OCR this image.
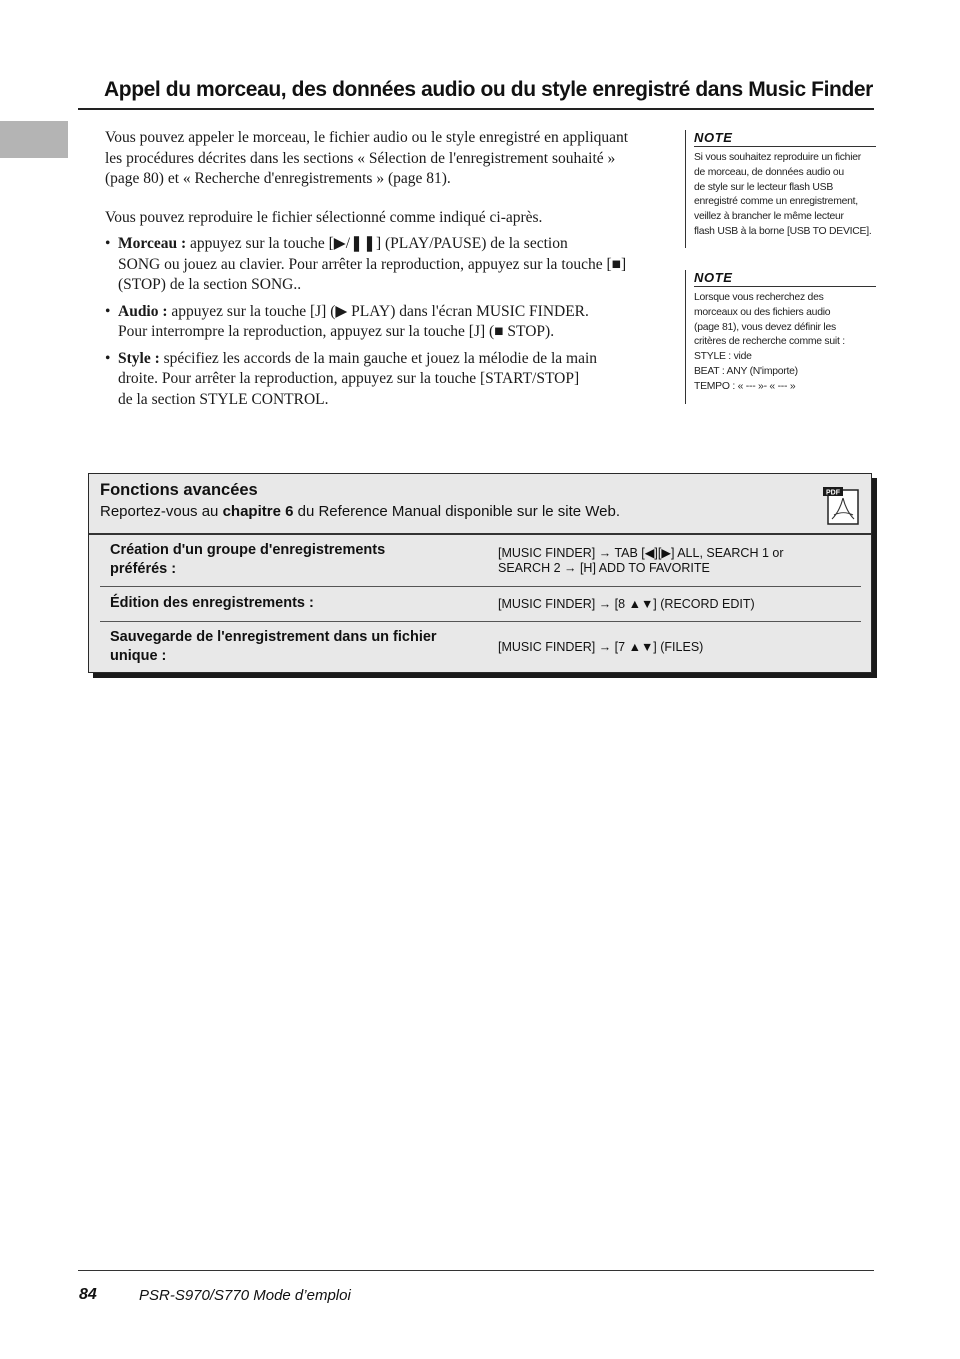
Appel du morceau, des données audio ou du style enregistré dans Music Finder

Vous pouvez appeler le morceau, le fichier audio ou le style enregistré en appliquant
les procédures décrites dans les sections « Sélection de l'enregistrement souhaité »
(page 80) et « Recherche d'enregistrements » (page 81).

Vous pouvez reproduire le fichier sélectionné comme indiqué ci-après.
• Morceau : appuyez sur la touche [▶/❚❚] (PLAY/PAUSE) de la section
SONG ou jouez au clavier. Pour arrêter la reproduction, appuyez sur la touche [■]
(STOP) de la section SONG..
• Audio : appuyez sur la touche [J] (▶ PLAY) dans l'écran MUSIC FINDER.
Pour interrompre la reproduction, appuyez sur la touche [J] (■ STOP).
• Style : spécifiez les accords de la main gauche et jouez la mélodie de la main
droite. Pour arrêter la reproduction, appuyez sur la touche [START/STOP]
de la section STYLE CONTROL.
NOTE
Si vous souhaitez reproduire un fichier
de morceau, de données audio ou
de style sur le lecteur flash USB
enregistré comme un enregistrement,
veillez à brancher le même lecteur
flash USB à la borne [USB TO DEVICE].
NOTE
Lorsque vous recherchez des
morceaux ou des fichiers audio
(page 81), vous devez définir les
critères de recherche comme suit :
STYLE : vide
BEAT : ANY (N'importe)
TEMPO : « --- »- « --- »
Fonctions avancées
Reportez-vous au chapitre 6 du Reference Manual disponible sur le site Web.
PDF
Création d'un groupe d'enregistrements
préférés :
[MUSIC FINDER] → TAB [◀][▶] ALL, SEARCH 1 or
SEARCH 2 → [H] ADD TO FAVORITE
Édition des enregistrements :	[MUSIC FINDER] → [8 ▲▼] (RECORD EDIT)
Sauvegarde de l'enregistrement dans un fichier
unique :
[MUSIC FINDER] → [7 ▲▼] (FILES)
84	PSR-S970/S770 Mode d’emploi
